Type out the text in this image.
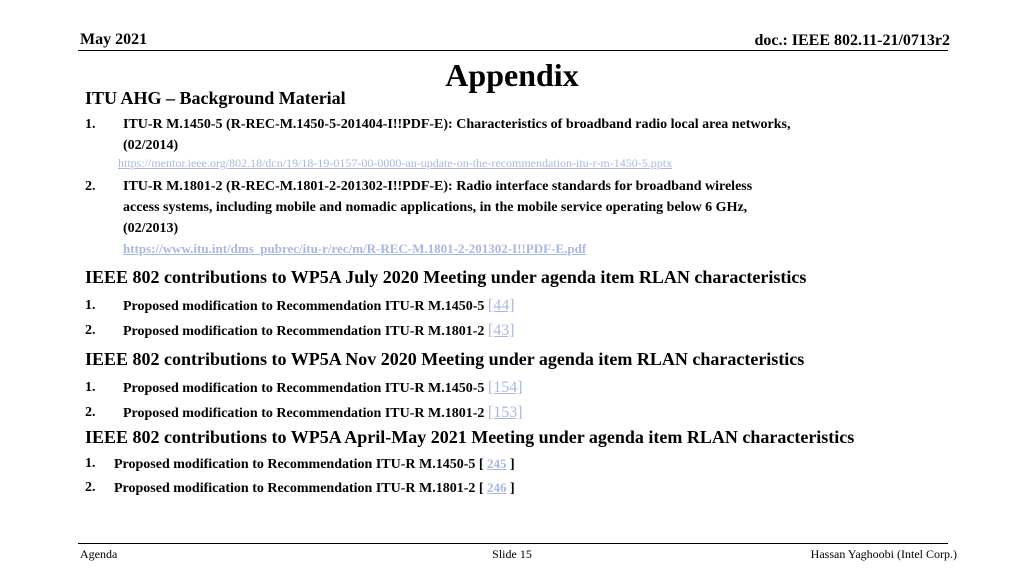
May 2021	doc.: IEEE 802.11-21/0713r2
Appendix
ITU AHG – Background Material
1. ITU-R M.1450-5 (R-REC-M.1450-5-201404-I!!PDF-E): Characteristics of broadband radio local area networks,
(02/2014)
https://mentor.ieee.org/802.18/dcn/19/18-19-0157-00-0000-an-update-on-the-recommendation-itu-r-m-1450-5.pptx
2. ITU-R M.1801-2 (R-REC-M.1801-2-201302-I!!PDF-E): Radio interface standards for broadband wireless
access systems, including mobile and nomadic applications, in the mobile service operating below 6 GHz,
(02/2013)
https://www.itu.int/dms_pubrec/itu-r/rec/m/R-REC-M.1801-2-201302-I!!PDF-E.pdf
IEEE 802 contributions to WP5A July 2020 Meeting under agenda item RLAN characteristics
1. Proposed modification to Recommendation ITU-R M.1450-5 [44]
2. Proposed modification to Recommendation ITU-R M.1801-2 [43]
IEEE 802 contributions to WP5A Nov 2020 Meeting under agenda item RLAN characteristics
1. Proposed modification to Recommendation ITU-R M.1450-5 [154]
2. Proposed modification to Recommendation ITU-R M.1801-2 [153]
IEEE 802 contributions to WP5A April-May 2021 Meeting under agenda item RLAN characteristics
1. Proposed modification to Recommendation ITU-R M.1450-5 [ 245 ]
2. Proposed modification to Recommendation ITU-R M.1801-2 [ 246 ]
Agenda	Slide 15	Hassan Yaghoobi (Intel Corp.)
